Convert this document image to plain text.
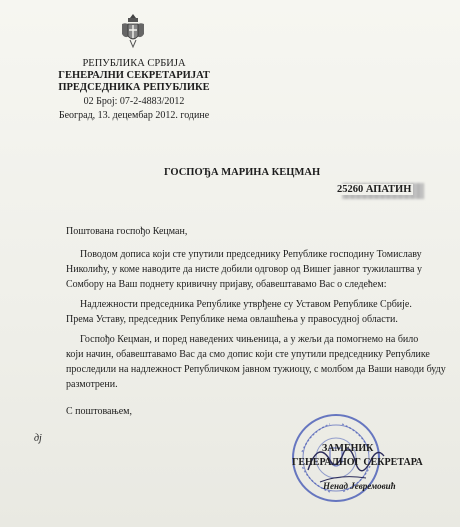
РЕПУБЛИКА СРБИЈА
ГЕНЕРАЛНИ СЕКРЕТАРИЈАТ
ПРЕДСЕДНИКА РЕПУБЛИКЕ
02 Број: 07-2-4883/2012
Београд, 13. децембар 2012. године
ГОСПОЂА МАРИНА КЕЦМАН
25260 АПАТИН
Поштована госпођо Кецман,
Поводом дописа који сте упутили председнику Републике господину Томиславу
Николићу, у коме наводите да нисте добили одговор од Вишег јавног тужилаштва у
Сомбору на Ваш поднету кривичну пријаву, обавештавамо Вас о следећем:
Надлежности председника Републике утврђене су Уставом Републике Србије.
Према Уставу, председник Републике нема овлашћења у правосудној области.
Госпођо Кецман, и поред наведених чињеница, а у жељи да помогнемо на било
који начин, обавештавамо Вас да смо допис који сте упутили председнику Републике
проследили на надлежност Републичком јавном тужиоцу, с молбом да Ваши наводи буду
размотрени.
С поштовањем,
дј
ЗАМЕНИК
ГЕНЕРАЛНОГ СЕКРЕТАРА
Ненад Јевремовић
